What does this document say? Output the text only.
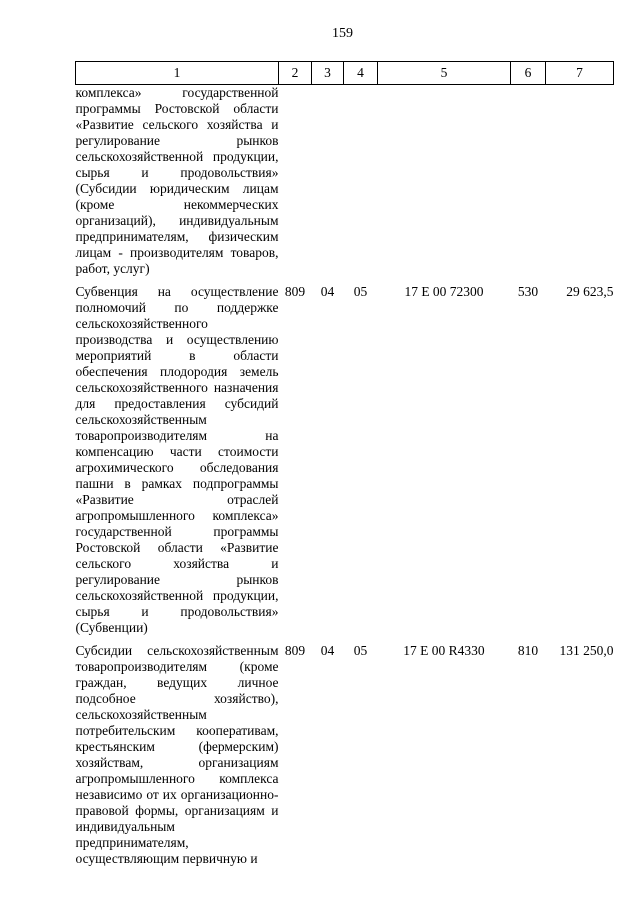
159
1	2	3	4	5	6	7
комплекса» государственной программы Ростовской области «Развитие сельского хозяйства и регулирование рынков сельскохозяйственной продукции, сырья и продовольствия» (Субсидии юридическим лицам (кроме некоммерческих организаций), индивидуальным предпринимателям, физическим лицам - производителям товаров, работ, услуг)						

Субвенция на осуществление полномочий по поддержке сельскохозяйственного производства и осуществлению мероприятий в области обеспечения плодородия земель сельскохозяйственного назначения для предоставления субсидий сельскохозяйственным товаропроизводителям на компенсацию части стоимости агрохимического обследования пашни в рамках подпрограммы «Развитие отраслей агропромышленного комплекса» государственной программы Ростовской области «Развитие сельского хозяйства и регулирование рынков сельскохозяйственной продукции, сырья и продовольствия» (Субвенции)	809	04	05	17 Е 00 72300	530	29 623,5

Субсидии сельскохозяйственным товаропроизводителям (кроме граждан, ведущих личное подсобное хозяйство), сельскохозяйственным потребительским кооперативам, крестьянским (фермерским) хозяйствам, организациям агропромышленного комплекса независимо от их организационно-правовой формы, организациям и индивидуальным предпринимателям, осуществляющим первичную и	809	04	05	17 Е 00 R4330	810	131 250,0
